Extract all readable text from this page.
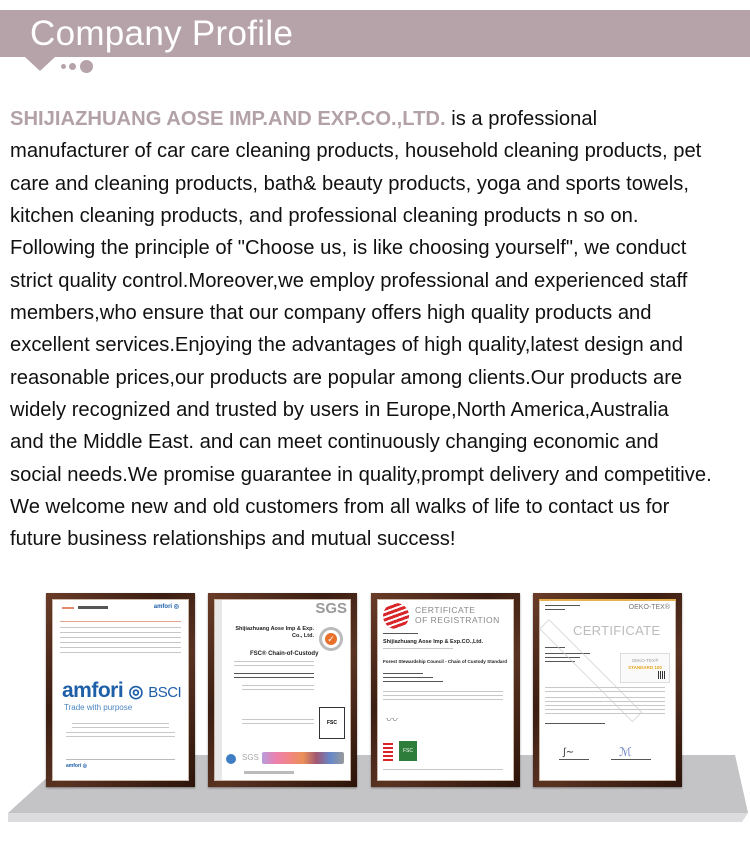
Company Profile
SHIJIAZHUANG AOSE IMP.AND EXP.CO.,LTD. is a professional
manufacturer of car care cleaning products, household cleaning products, pet
care and cleaning products, bath& beauty products, yoga and sports towels,
kitchen cleaning products, and professional cleaning products n so on.
Following the principle of "Choose us, is like choosing yourself", we conduct
strict quality control.Moreover,we employ professional and experienced staff
members,who ensure that our company offers high quality products and
excellent services.Enjoying the advantages of high quality,latest design and
reasonable prices,our products are popular among clients.Our products are
widely recognized and trusted by users in Europe,North America,Australia
and the Middle East. and can meet continuously changing economic and
social needs.We promise guarantee in quality,prompt delivery and competitive.
We welcome new and old customers from all walks of life to contact us for
future business relationships and mutual success!
amfori ◎
amfori ◎ BSCI
Trade with purpose
amfori ◎
SGS
Shijiazhuang Aose Imp & Exp. Co., Ltd. ✓
FSC® Chain-of-Custody
FSC
SGS
CERTIFICATE
OF REGISTRATION
Shijiazhuang Aose Imp & Exp.CO.,Ltd.
Forest Stewardship Council - Chain of Custody Standard
〰
FSC
OEKO-TEX®
CERTIFICATE
OEKO-TEX®
STANDARD 100
∫∼	ℳ
